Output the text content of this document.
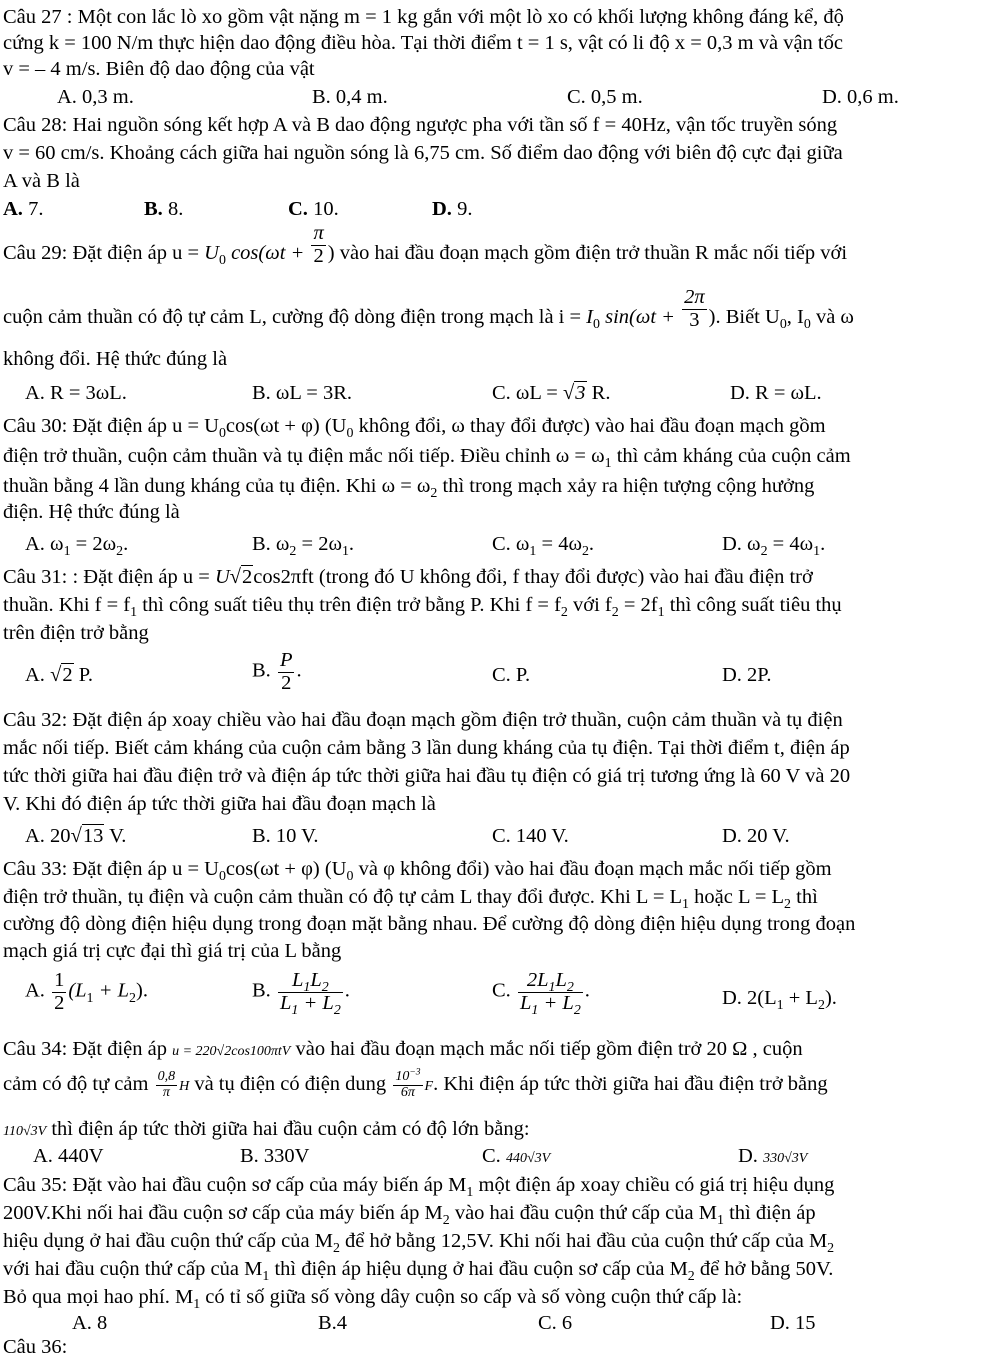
Câu 27 : Một con lắc lò xo gồm vật nặng m = 1 kg gắn với một lò xo có khối lượng không đáng kể, độ
cứng k = 100 N/m thực hiện dao động điều hòa. Tại thời điểm t = 1 s, vật có li độ x = 0,3 m và vận tốc
v = – 4 m/s. Biên độ dao động của vật
A. 0,3 m.	B. 0,4 m.	C. 0,5 m.	D. 0,6 m.
Câu 28: Hai nguồn sóng kết hợp A và B dao động ngược pha với tần số f = 40Hz, vận tốc truyền sóng
v = 60 cm/s. Khoảng cách giữa hai nguồn sóng là 6,75 cm. Số điểm dao động với biên độ cực đại giữa
A và B là
A. 7.	B. 8.	C. 10.	D. 9.
Câu 29: Đặt điện áp $u = U_0$ $\cos(\omega t + \frac{\pi}{2}$ ) vào hai đầu đoạn mạch gồm điện trở thuần R mắc nối tiếp với
cuộn cảm thuần có độ tự cảm L, cường độ dòng điện trong mạch là $i = I_0$ $\sin(\omega t + \frac{2\pi}{3}$ ). Biết $U_0$, $I_0$ và ω
không đổi. Hệ thức đúng là
A. R = 3ωL.	B. ωL = 3R.	C. ωL = √3 R.	D. R = ωL.
Câu 30: Đặt điện áp $u = U_0\cos(\omega t + \varphi)$ ($U_0$ không đổi, ω thay đổi được) vào hai đầu đoạn mạch gồm
điện trở thuần, cuộn cảm thuần và tụ điện mắc nối tiếp. Điều chỉnh $\omega = \omega_1$ thì cảm kháng của cuộn cảm
thuần bằng 4 lần dung kháng của tụ điện. Khi $\omega = \omega_2$ thì trong mạch xảy ra hiện tượng cộng hưởng
điện. Hệ thức đúng là
A. $\omega_1 = 2\omega_2$.	B. $\omega_2 = 2\omega_1$.	C. $\omega_1 = 4\omega_2$.	D. $\omega_2 = 4\omega_1$.
Câu 31: : Đặt điện áp u = U√2cos2πft (trong đó U không đổi, f thay đổi được) vào hai đầu điện trở
thuần. Khi $f = f_1$ thì công suất tiêu thụ trên điện trở bằng P. Khi $f = f_2$ với $f_2 = 2f_1$ thì công suất tiêu thụ
trên điện trở bằng
A. √2 P.	B. $\frac{P}{2}$ .	C. P.	D. 2P.
Câu 32: Đặt điện áp xoay chiều vào hai đầu đoạn mạch gồm điện trở thuần, cuộn cảm thuần và tụ điện
mắc nối tiếp. Biết cảm kháng của cuộn cảm bằng 3 lần dung kháng của tụ điện. Tại thời điểm t, điện áp
tức thời giữa hai đầu điện trở và điện áp tức thời giữa hai đầu tụ điện có giá trị tương ứng là 60 V và 20
V. Khi đó điện áp tức thời giữa hai đầu đoạn mạch là
A. 20√13 V.	B. 10 V.	C. 140 V.	D. 20 V.
Câu 33: Đặt điện áp $u = U_0\cos(\omega t + \varphi)$ ($U_0$ và φ không đổi) vào hai đầu đoạn mạch mắc nối tiếp gồm
điện trở thuần, tụ điện và cuộn cảm thuần có độ tự cảm L thay đổi được. Khi $L = L_1$ hoặc $L = L_2$ thì
cường độ dòng điện hiệu dụng trong đoạn mặt bằng nhau. Để cường độ dòng điện hiệu dụng trong đoạn
mạch giá trị cực đại thì giá trị của L bằng
A. $\frac{1}{2} (L_1 + L_2)$.	B. $\frac{L_1L_2}{L_1 + L_2}$ .	C. $\frac{2L_1L_2}{L_1 + L_2}$ .	D. $2(L_1 + L_2)$.
Câu 34: Đặt điện áp u = 220√2cos100πtV vào hai đầu đoạn mạch mắc nối tiếp gồm điện trở 20 Ω , cuộn
cảm có độ tự cảm $\frac{0,8}{\pi}$ H và tụ điện có điện dung $\frac{10^{-3}}{6\pi} F$. Khi điện áp tức thời giữa hai đầu điện trở bằng
110√3V thì điện áp tức thời giữa hai đầu cuộn cảm có độ lớn bằng:
A. 440V	B. 330V	C. 440√3V	D. 330√3V
Câu 35: Đặt vào hai đầu cuộn sơ cấp của máy biến áp $M_1$ một điện áp xoay chiều có giá trị hiệu dụng
200V.Khi nối hai đầu cuộn sơ cấp của máy biến áp $M_2$ vào hai đầu cuộn thứ cấp của $M_1$ thì điện áp
hiệu dụng ở hai đầu cuộn thứ cấp của $M_2$ để hở bằng 12,5V. Khi nối hai đầu của cuộn thứ cấp của $M_2$
với hai đầu cuộn thứ cấp của $M_1$ thì điện áp hiệu dụng ở hai đầu cuộn sơ cấp của $M_2$ để hở bằng 50V.
Bỏ qua mọi hao phí. $M_1$ có tỉ số giữa số vòng dây cuộn so cấp và số vòng cuộn thứ cấp là:
A. 8	B.4	C. 6	D. 15
Câu 36:
